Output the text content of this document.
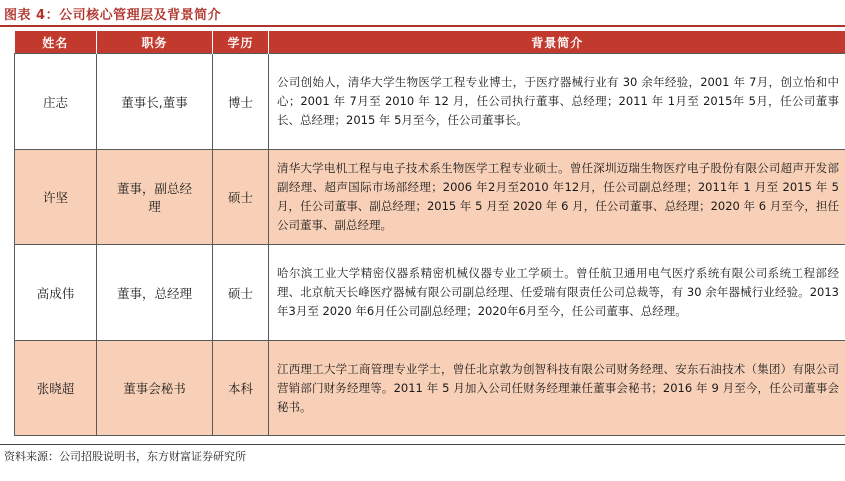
图表 4：公司核心管理层及背景简介
姓名	职务	学历	背景简介
庄志	董事长,董事	博士	公司创始人，清华大学生物医学工程专业博士，于医疗器械行业有 30 余年经验，2001 年 7月，创立怡和中心；2001 年 7月至 2010 年 12 月，任公司执行董事、总经理；2011 年 1月至 2015年 5月，任公司董事长、总经理；2015 年 5月至今，任公司董事长。
许坚	董事，副总经理	硕士	清华大学电机工程与电子技术系生物医学工程专业硕士。曾任深圳迈瑞生物医疗电子股份有限公司超声开发部副经理、超声国际市场部经理；2006 年2月至2010 年12月，任公司副总经理；2011年 1 月至 2015 年 5 月，任公司董事、副总经理；2015 年 5 月至 2020 年 6 月，任公司董事、总经理；2020 年 6 月至今，担任公司董事、副总经理。
高成伟	董事，总经理	硕士	哈尔滨工业大学精密仪器系精密机械仪器专业工学硕士。曾任航卫通用电气医疗系统有限公司系统工程部经理、北京航天长峰医疗器械有限公司副总经理、任爱瑞有限责任公司总裁等，有 30 余年器械行业经验。2013年3月至 2020 年6月任公司副总经理；2020年6月至今，任公司董事、总经理。
张晓超	董事会秘书	本科	江西理工大学工商管理专业学士，曾任北京敦为创智科技有限公司财务经理、安东石油技术（集团）有限公司营销部门财务经理等。2011 年 5 月加入公司任财务经理兼任董事会秘书；2016 年 9 月至今，任公司董事会秘书。
资料来源：公司招股说明书，东方财富证券研究所
